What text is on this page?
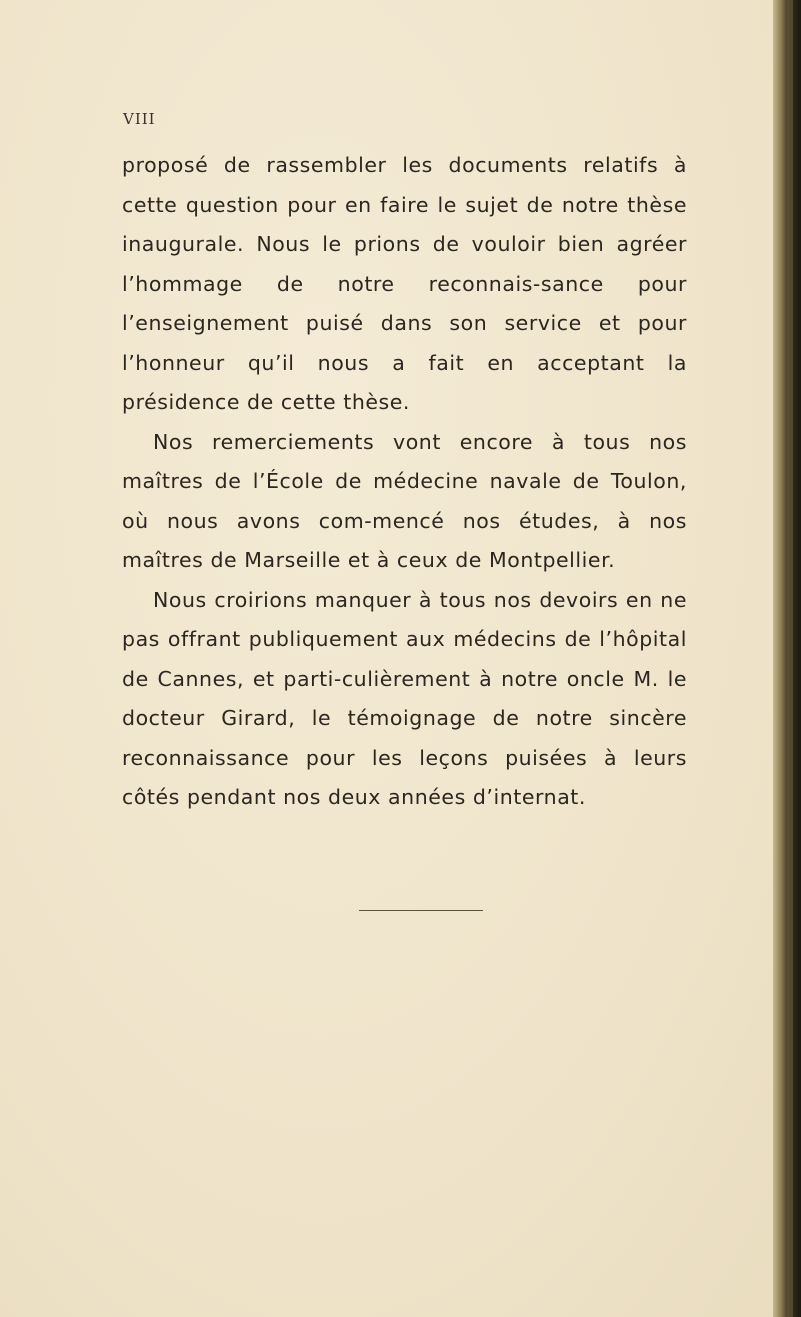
VIII

proposé de rassembler les documents relatifs à cette question pour en faire le sujet de notre thèse inaugurale. Nous le prions de vouloir bien agréer l’hommage de notre reconnais-sance pour l’enseignement puisé dans son service et pour l’honneur qu’il nous a fait en acceptant la présidence de cette thèse.

Nos remerciements vont encore à tous nos maîtres de l’École de médecine navale de Toulon, où nous avons com-mencé nos études, à nos maîtres de Marseille et à ceux de Montpellier.

Nous croirions manquer à tous nos devoirs en ne pas offrant publiquement aux médecins de l’hôpital de Cannes, et parti-culièrement à notre oncle M. le docteur Girard, le témoignage de notre sincère reconnaissance pour les leçons puisées à leurs côtés pendant nos deux années d’internat.
